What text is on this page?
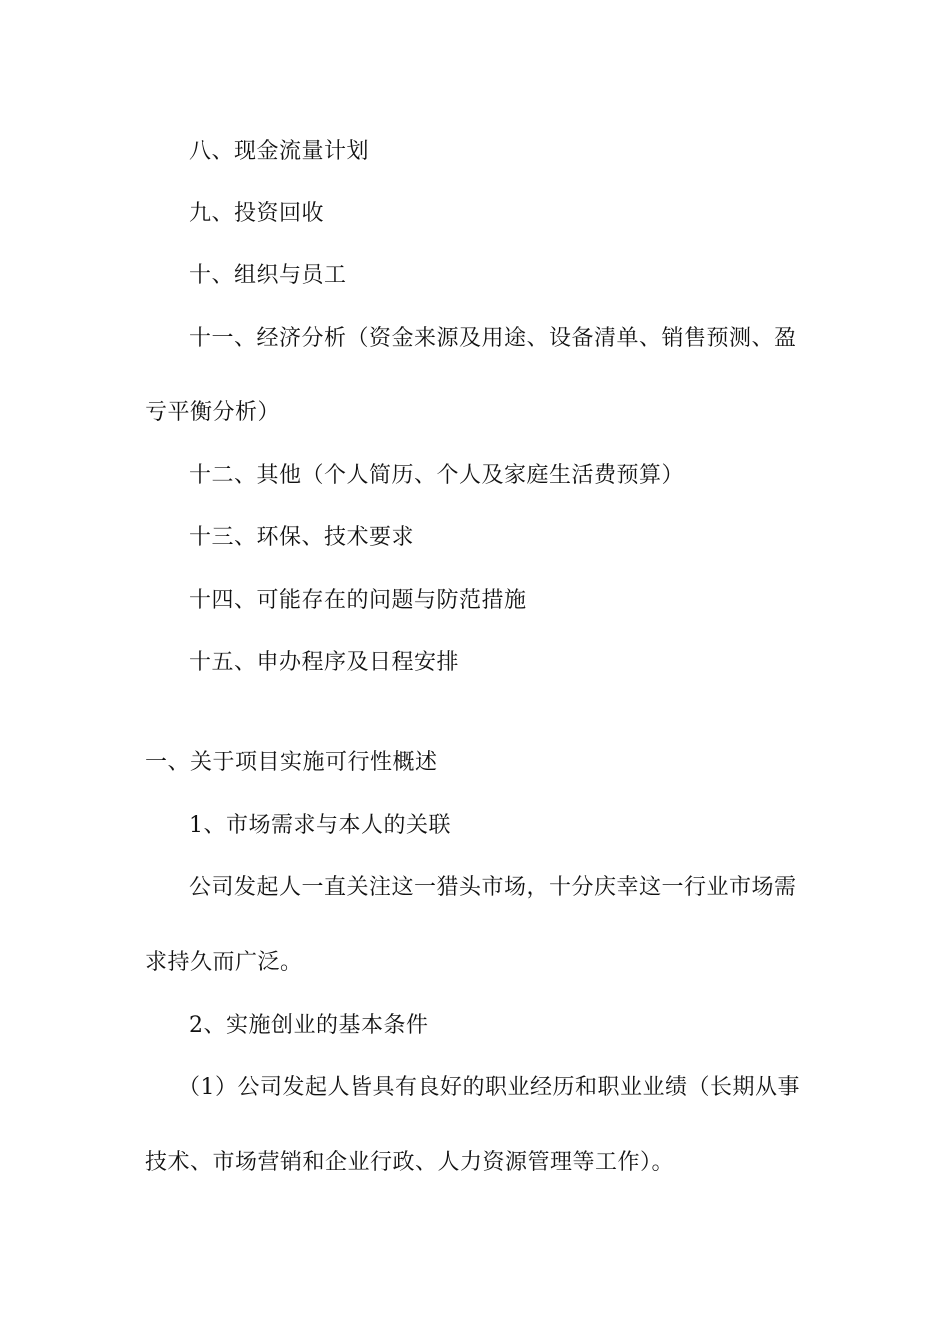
八、现金流量计划
九、投资回收
十、组织与员工
十一、经济分析（资金来源及用途、设备清单、销售预测、盈
亏平衡分析）
十二、其他（个人简历、个人及家庭生活费预算）
十三、环保、技术要求
十四、可能存在的问题与防范措施
十五、申办程序及日程安排
一、关于项目实施可行性概述
1、市场需求与本人的关联
公司发起人一直关注这一猎头市场，十分庆幸这一行业市场需
求持久而广泛。
2、实施创业的基本条件
（1）公司发起人皆具有良好的职业经历和职业业绩（长期从事
技术、市场营销和企业行政、人力资源管理等工作）。
